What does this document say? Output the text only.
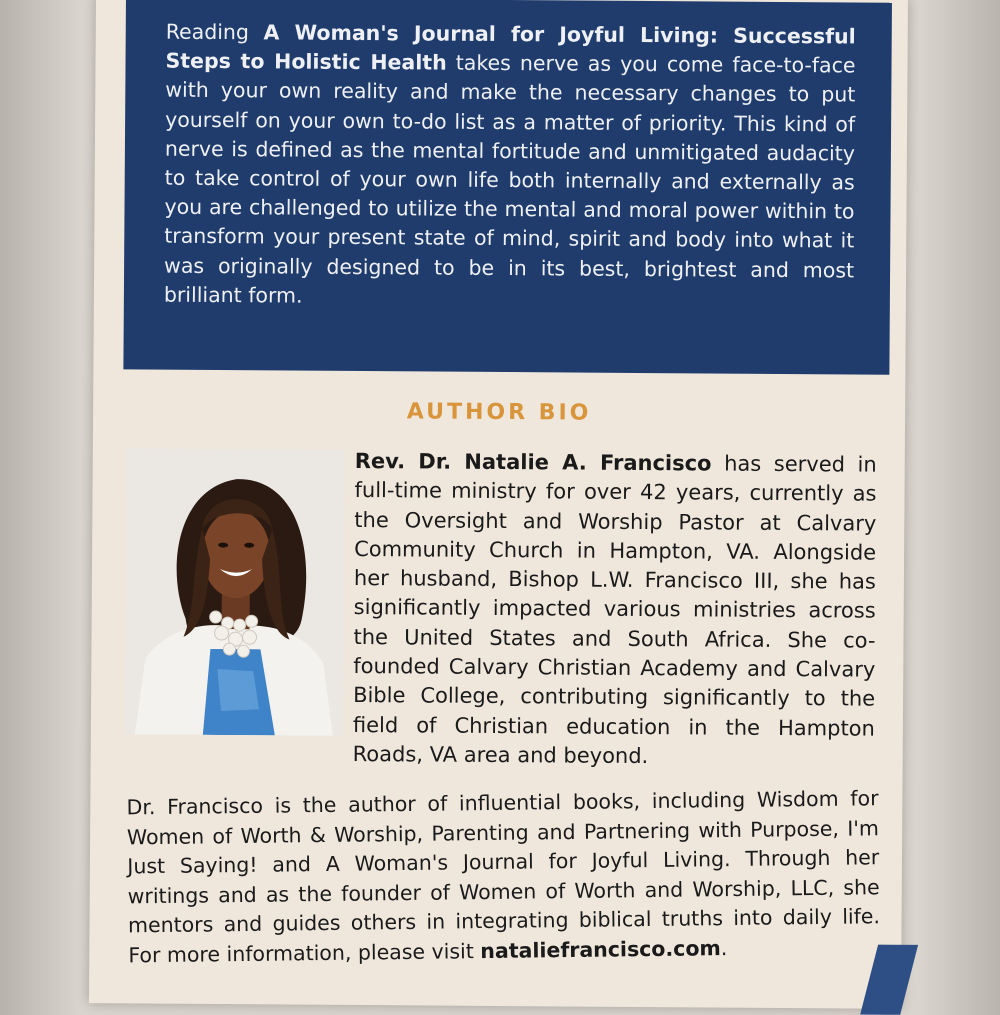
Reading A Woman's Journal for Joyful Living: Successful Steps to Holistic Health takes nerve as you come face-to-face with your own reality and make the necessary changes to put yourself on your own to-do list as a matter of priority. This kind of nerve is defined as the mental fortitude and unmitigated audacity to take control of your own life both internally and externally as you are challenged to utilize the mental and moral power within to transform your present state of mind, spirit and body into what it was originally designed to be in its best, brightest and most brilliant form.

AUTHOR BIO

Rev. Dr. Natalie A. Francisco has served in full-time ministry for over 42 years, currently as the Oversight and Worship Pastor at Calvary Community Church in Hampton, VA. Alongside her husband, Bishop L.W. Francisco III, she has significantly impacted various ministries across the United States and South Africa. She co-founded Calvary Christian Academy and Calvary Bible College, contributing significantly to the field of Christian education in the Hampton Roads, VA area and beyond.

Dr. Francisco is the author of influential books, including Wisdom for Women of Worth & Worship, Parenting and Partnering with Purpose, I'm Just Saying! and A Woman's Journal for Joyful Living. Through her writings and as the founder of Women of Worth and Worship, LLC, she mentors and guides others in integrating biblical truths into daily life. For more information, please visit nataliefrancisco.com.
